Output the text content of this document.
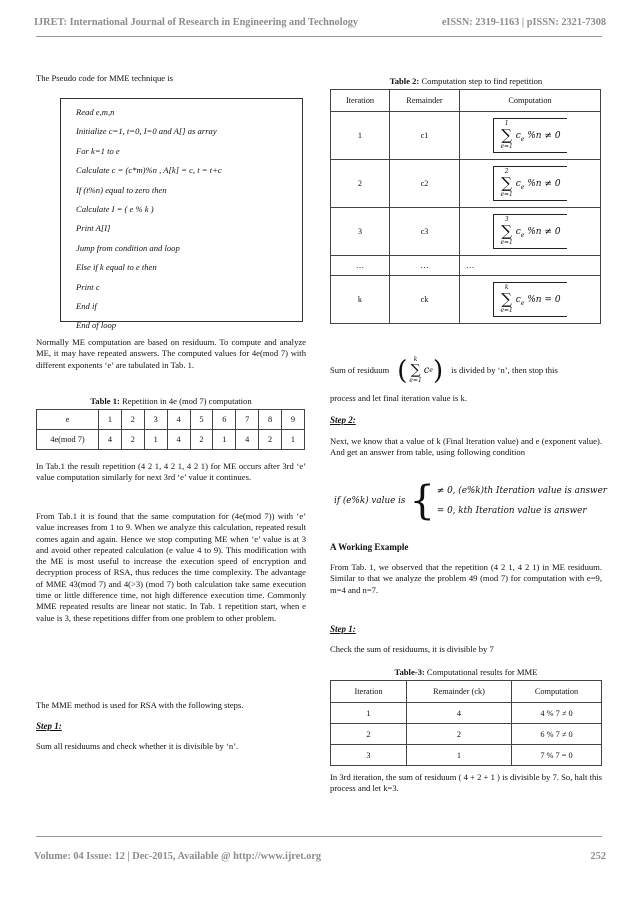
IJRET: International Journal of Research in Engineering and Technology	eISSN: 2319-1163 | pISSN: 2321-7308
The Pseudo code for MME technique is
Read e,m,n
Initialize c=1, t=0, I=0 and A[] as array
For k=1 to e
Calculate c = (c*m)%n , A[k] = c, t = t+c
If (t%n) equal to zero then
Calculate I = ( e % k )
Print A[I]
Jump from condition and loop
Else if k equal to e then
Print c
End if
End of loop
Normally ME computation are based on residuum. To compute and analyze ME, it may have repeated answers. The computed values for 4e(mod 7) with different exponents ‘e’ are tabulated in Tab. 1.
Table 1: Repetition in 4e (mod 7) computation
e	1	2	3	4	5	6	7	8	9
4e(mod 7)	4	2	1	4	2	1	4	2	1
In Tab.1 the result repetition (4 2 1, 4 2 1, 4 2 1) for ME occurs after 3rd ‘e’ value computation similarly for next 3rd ‘e’ value it continues.
From Tab.1 it is found that the same computation for (4e(mod 7)) with ‘e’ value increases from 1 to 9. When we analyze this calculation, repeated result comes again and again. Hence we stop computing ME when ‘e’ value is at 3 and avoid other repeated calculation (e value 4 to 9). This modification with the ME is most useful to increase the execution speed of encryption and decryption process of RSA, thus reduces the time complexity. The advantage of MME 43(mod 7) and 4(>3) (mod 7) both calculation take same execution time or little difference time, not high difference execution time. Commonly MME repeated results are linear not static. In Tab. 1 repetition start, when e value is 3, these repetitions differ from one problem to other problem.
The MME method is used for RSA with the following steps.
Step 1:
Sum all residuums and check whether it is divisible by ‘n’.
Table 2: Computation step to find repetition
Iteration	Remainder	Computation
1	c1	1
∑
e=1 $c_e$ %n ≠ 0
2	c2	2
∑
e=1 $c_e$ %n ≠ 0
3	c3	3
∑
e=1 $c_e$ %n ≠ 0
…	…	…
k	ck	k
∑
e=1 $c_e$ %n = 0
Sum of residuum (	k
∑
e=1
c e ) is divided by ‘n’, then stop this
process and let final iteration value is k.
Step 2:
Next, we know that a value of k (Final Iteration value) and e (exponent value). And get an answer from table, using following condition
if (e%k) value is { ≠ 0, (e%k)th Iteration value is answer
= 0, kth Iteration value is answer
A Working Example
From Tab. 1, we observed that the repetition (4 2 1, 4 2 1) in ME residuum. Similar to that we analyze the problem 49 (mod 7) for computation with e=9, m=4 and n=7.
Step 1:
Check the sum of residuums, it is divisible by 7
Table-3: Computational results for MME
Iteration	Remainder (ck)	Computation
1	4	4 % 7 ≠ 0
2	2	6 % 7 ≠ 0
3	1	7 % 7 = 0
In 3rd iteration, the sum of residuum ( 4 + 2 + 1 ) is divisible by 7. So, halt this process and let k=3.
Volume: 04 Issue: 12 | Dec-2015, Available @ http://www.ijret.org	252
